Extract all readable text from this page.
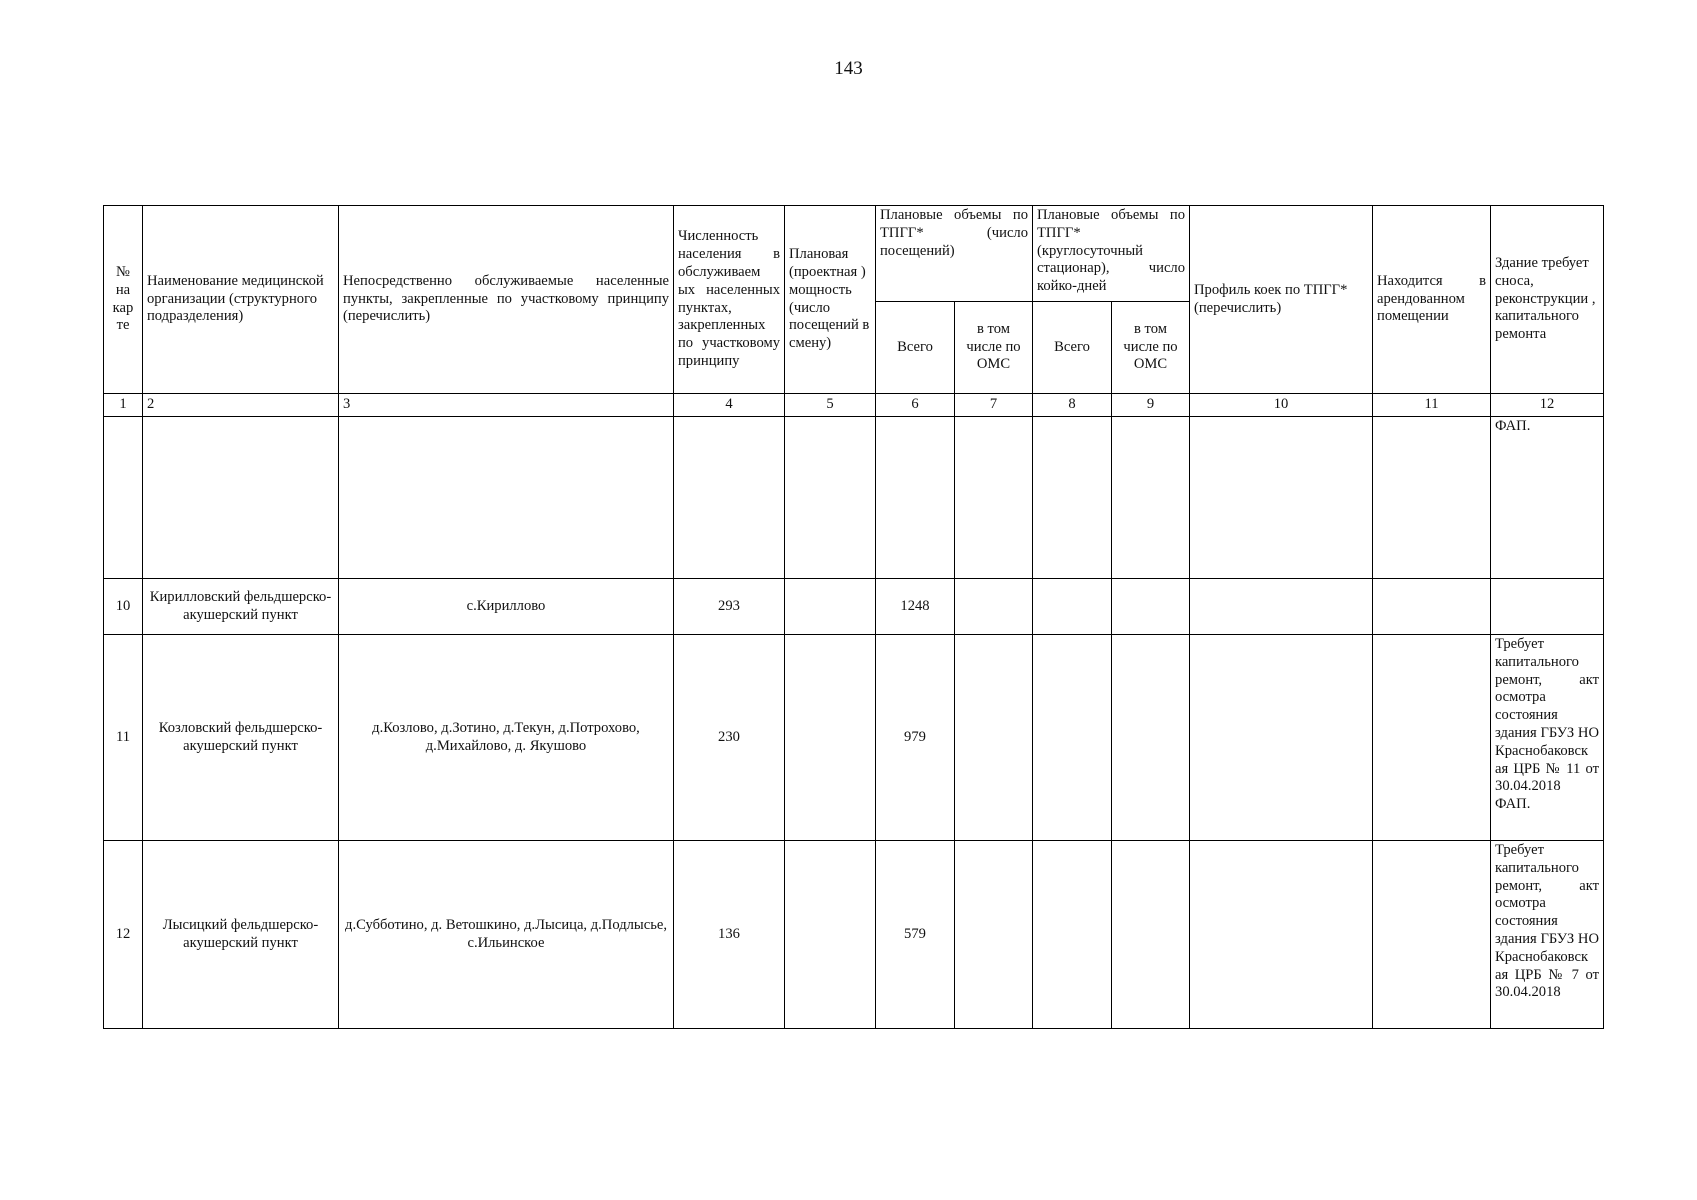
143
№ на кар те	Наименование медицинской организации (структурного подразделения)	Непосредственно обслуживаемые населенные пункты, закрепленные по участковому принципу (перечислить)	Численность населения в обслуживаем ых населенных пунктах, закрепленных по участковому принципу	Плановая (проектная ) мощность (число посещений в смену)	Плановые объемы по ТПГГ* (число посещений)		Плановые объемы по ТПГГ* (круглосуточный стационар), число койко-дней		Профиль коек по ТПГГ* (перечислить)	Находится в арендованном помещении	Здание требует сноса, реконструкции , капитального ремонта
					Всего	в том числе по ОМС	Всего	в том числе по ОМС			
1	2	3	4	5	6	7	8	9	10	11	12
											ФАП.
10	Кирилловский фельдшерско-акушерский пункт	с.Кириллово	293		1248						
11	Козловский фельдшерско-акушерский пункт	д.Козлово, д.Зотино, д.Текун, д.Потрохово, д.Михайлово, д. Якушово	230		979						Требует капитального ремонт, акт осмотра состояния здания ГБУЗ НО Краснобаковск ая ЦРБ № 11 от 30.04.2018 ФАП.
12	Лысицкий фельдшерско-акушерский пункт	д.Субботино, д. Ветошкино, д.Лысица, д.Подлысье, с.Ильинское	136		579						Требует капитального ремонт, акт осмотра состояния здания ГБУЗ НО Краснобаковск ая ЦРБ № 7 от 30.04.2018
